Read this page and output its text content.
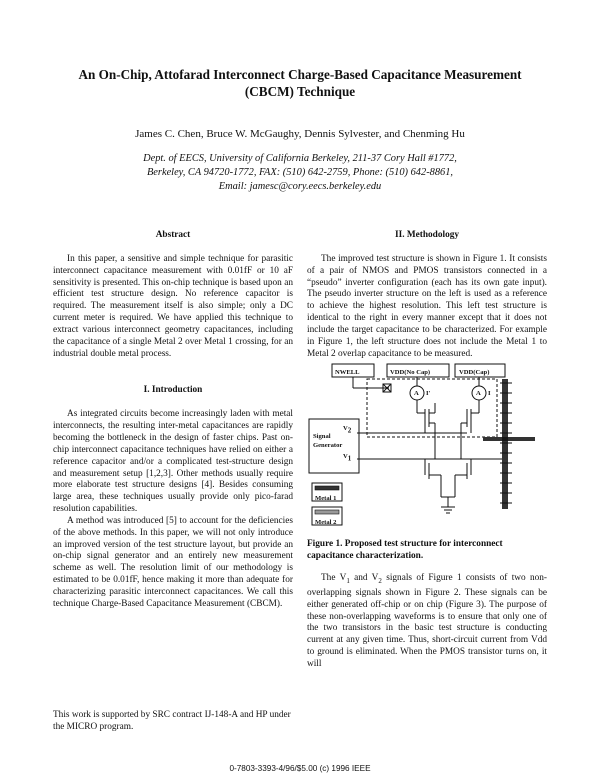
An On-Chip, Attofarad Interconnect Charge-Based Capacitance Measurement (CBCM) Technique
James C. Chen, Bruce W. McGaughy, Dennis Sylvester, and Chenming Hu
Dept. of EECS, University of California Berkeley, 211-37 Cory Hall #1772,
Berkeley, CA 94720-1772, FAX: (510) 642-2759, Phone: (510) 642-8861,
Email: jamesc@cory.eecs.berkeley.edu
Abstract

In this paper, a sensitive and simple technique for parasitic interconnect capacitance measurement with 0.01fF or 10 aF sensitivity is presented. This on-chip technique is based upon an efficient test structure design. No reference capacitor is required. The measurement itself is also simple; only a DC current meter is required. We have applied this technique to extract various interconnect geometry capacitances, including the capacitance of a single Metal 2 over Metal 1 crossing, for an industrial double metal process.

I. Introduction

As integrated circuits become increasingly laden with metal interconnects, the resulting inter-metal capacitances are rapidly becoming the bottleneck in the design of faster chips. Past on-chip interconnect capacitance techniques have relied on either a reference capacitor and/or a complicated test-structure design and measurement setup [1,2,3]. Other methods usually require more elaborate test structure designs [4]. Besides consuming large area, these techniques usually provide only pico-farad resolution capabilities.

A method was introduced [5] to account for the deficiencies of the above methods. In this paper, we will not only introduce an improved version of the test structure layout, but provide an on-chip signal generator and an entirely new measurement scheme as well. The resolution limit of our methodology is estimated to be 0.01fF, hence making it more than adequate for characterizing parasitic interconnect capacitances. We call this technique Charge-Based Capacitance Measurement (CBCM).

This work is supported by SRC contract IJ-148-A and HP under the MICRO program.

II. Methodology

The improved test structure is shown in Figure 1. It consists of a pair of NMOS and PMOS transistors connected in a “pseudo” inverter configuration (each has its own gate input). The pseudo inverter structure on the left is used as a reference to achieve the highest resolution. This left test structure is identical to the right in every manner except that it does not include the target capacitance to be characterized. For example in Figure 1, the left structure does not include the Metal 1 to Metal 2 overlap capacitance to be measured.

NWELL	VDD(No Cap)	VDD(Cap)
A I'	A I
$V_2$
$V_1$
Signal
Generator
Metal 1
Metal 2
Figure 1. Proposed test structure for interconnect capacitance characterization.

The $V_1$ and $V_2$ signals of Figure 1 consists of two non-overlapping signals shown in Figure 2. These signals can be either generated off-chip or on chip (Figure 3). The purpose of these non-overlapping waveforms is to ensure that only one of the two transistors in the basic test structure is conducting current at any given time. Thus, short-circuit current from Vdd to ground is eliminated. When the PMOS transistor turns on, it will

0-7803-3393-4/96/$5.00 (c) 1996 IEEE
